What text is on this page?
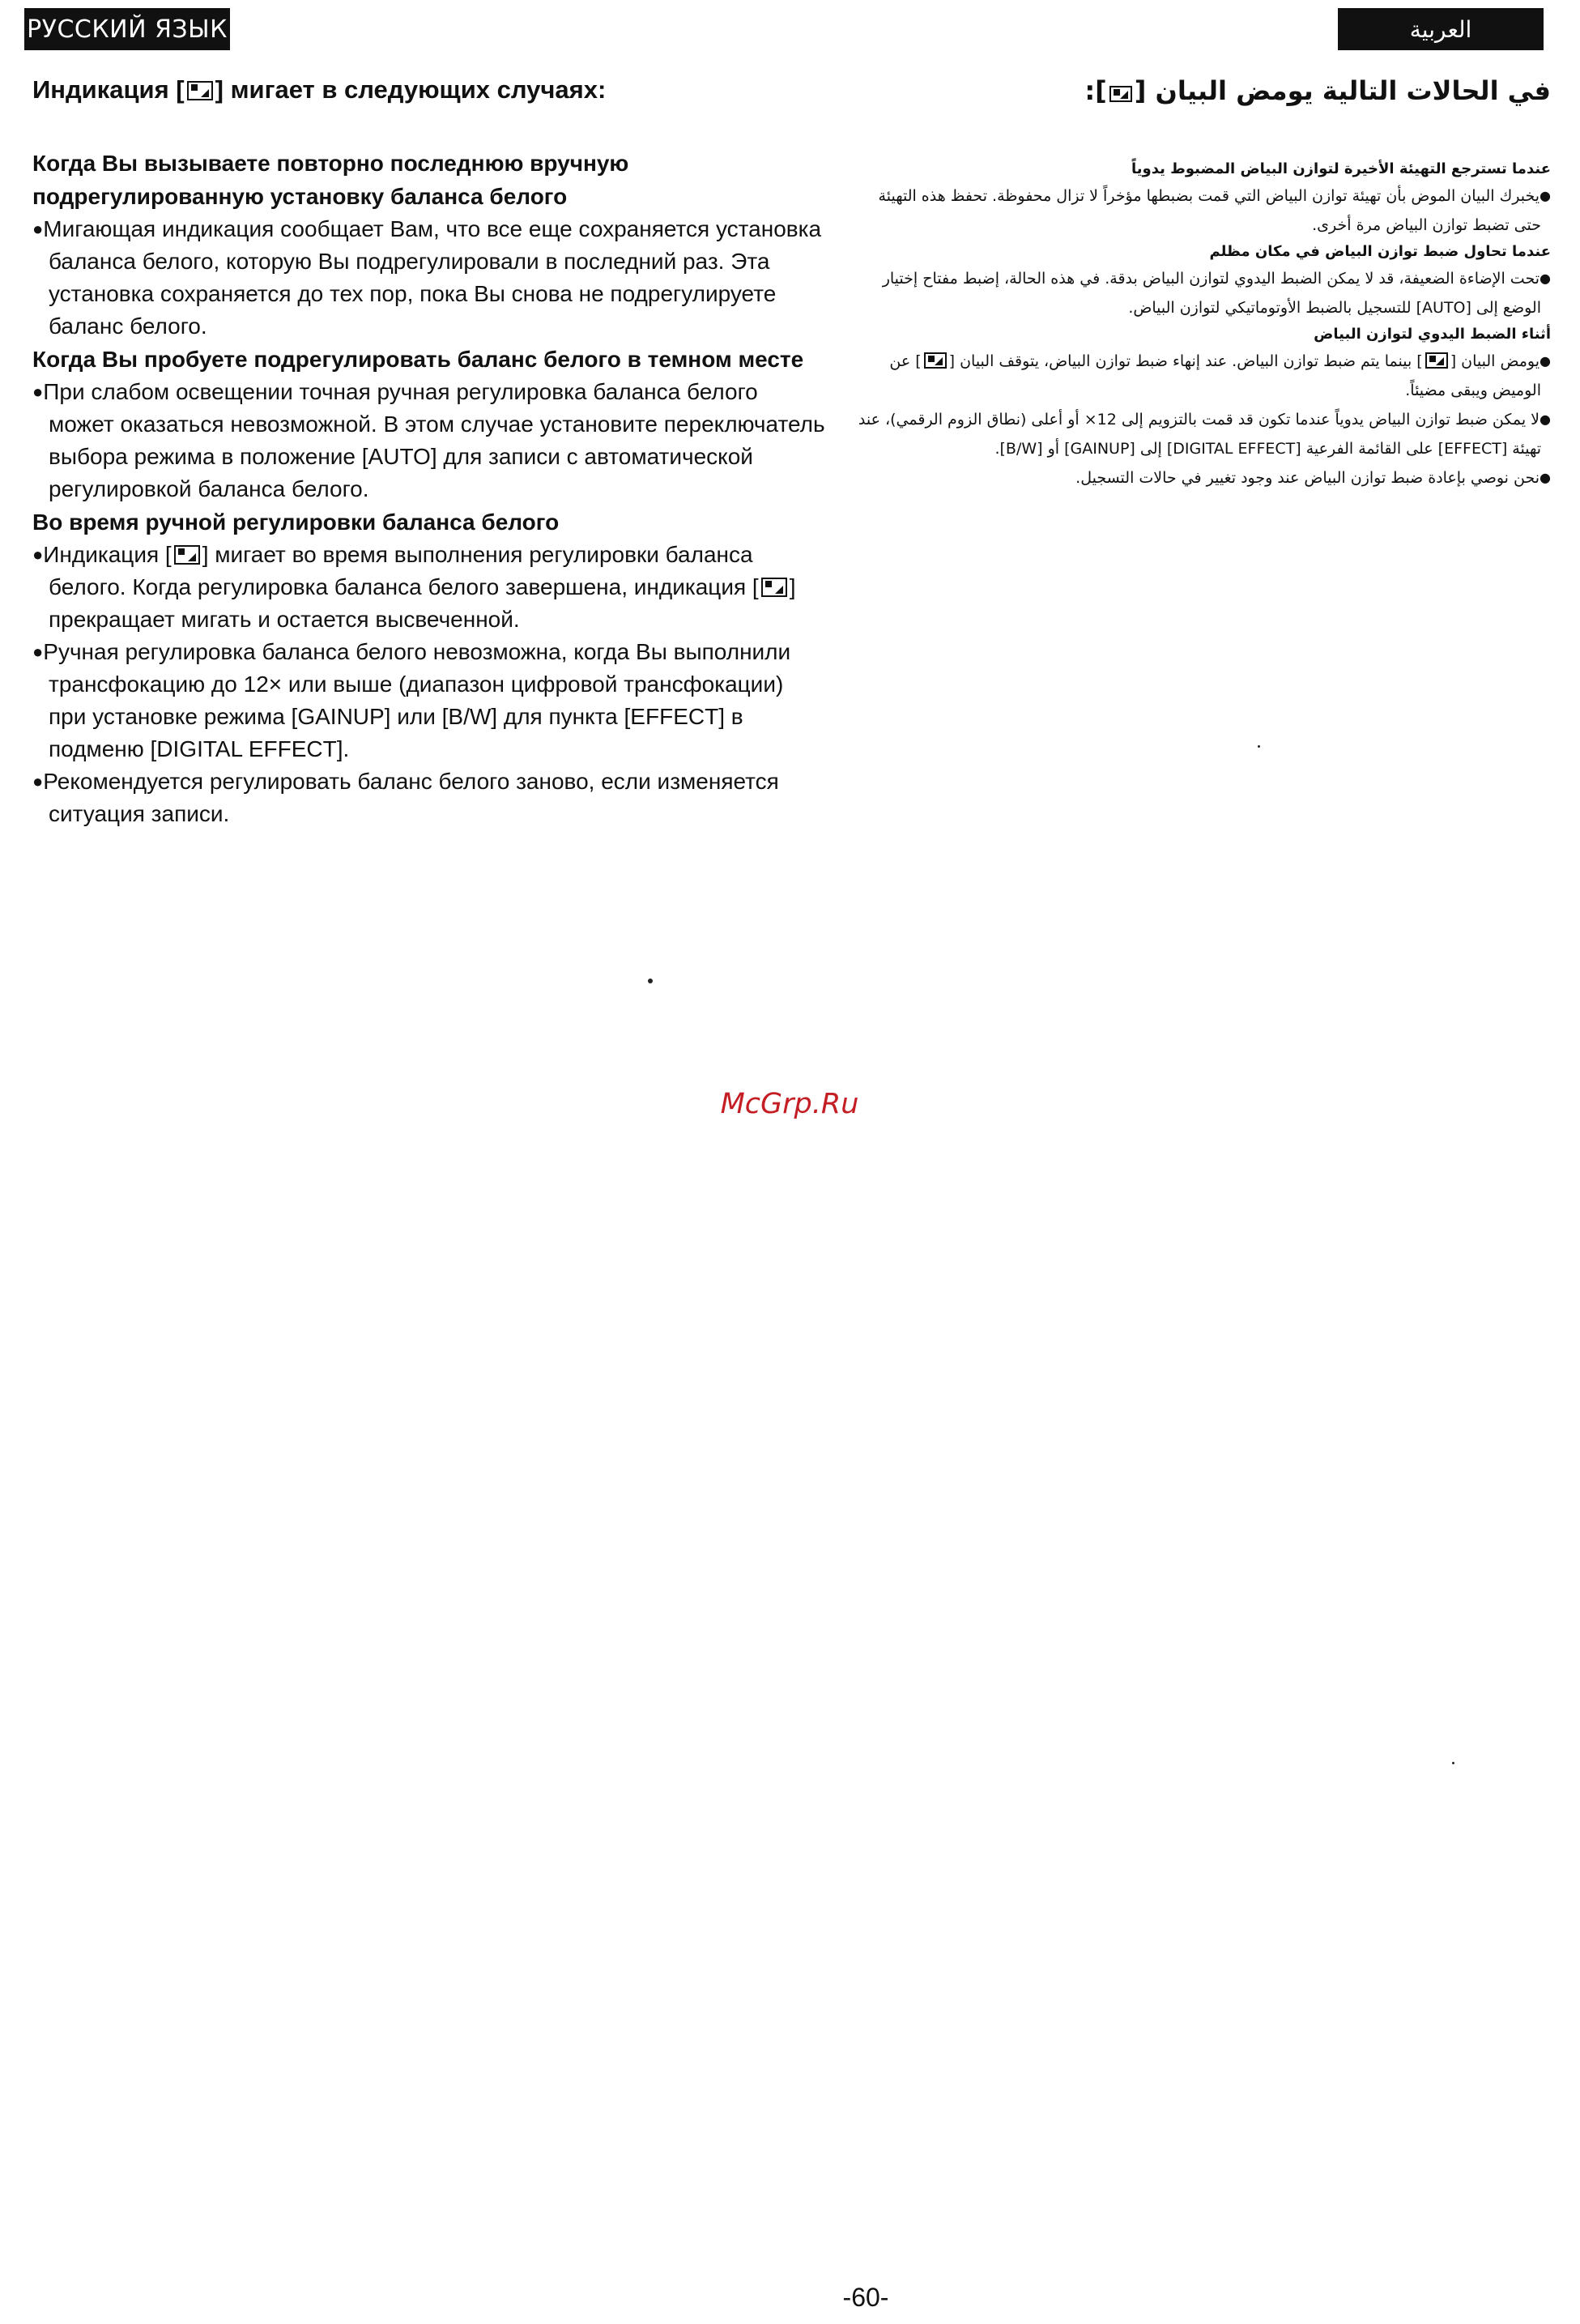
РУССКИЙ ЯЗЫК	العربية
Индикация [ ] мигает в следующих случаях:

Когда Вы вызываете повторно последнюю вручную подрегулированную установку баланса белого

●Мигающая индикация сообщает Вам, что все еще сохраняется установка баланса белого, которую Вы подрегулировали в последний раз. Эта установка сохраняется до тех пор, пока Вы снова не подрегулируете баланс белого.

Когда Вы пробуете подрегулировать баланс белого в темном месте

●При слабом освещении точная ручная регулировка баланса белого может оказаться невозможной. В этом случае установите переключатель выбора режима в положение [AUTO] для записи с автоматической регулировкой баланса белого.

Во время ручной регулировки баланса белого

●Индикация [ ] мигает во время выполнения регулировки баланса белого. Когда регулировка баланса белого завершена, индикация [ ] прекращает мигать и остается высвеченной.

●Ручная регулировка баланса белого невозможна, когда Вы выполнили трансфокацию до 12× или выше (диапазон цифровой трансфокации) при установке режима [GAINUP] или [B/W] для пункта [EFFECT] в подменю [DIGITAL EFFECT].

●Рекомендуется регулировать баланс белого заново, если изменяется ситуация записи.

في الحالات التالية يومض البيان []:

عندما تسترجع التهيئة الأخيرة لتوازن البياض المضبوط يدوياً

●يخبرك البيان الموض بأن تهيئة توازن البياض التي قمت بضبطها مؤخراً لا تزال محفوظة. تحفظ هذه التهيئة حتى تضبط توازن البياض مرة أخرى.

عندما تحاول ضبط توازن البياض في مكان مظلم

●تحت الإضاءة الضعيفة، قد لا يمكن الضبط اليدوي لتوازن البياض بدقة. في هذه الحالة، إضبط مفتاح إختيار الوضع إلى [AUTO] للتسجيل بالضبط الأوتوماتيكي لتوازن البياض.

أثناء الضبط اليدوي لتوازن البياض

●يومض البيان [] بينما يتم ضبط توازن البياض. عند إنهاء ضبط توازن البياض، يتوقف البيان [] عن الوميض ويبقى مضيئاً.

●لا يمكن ضبط توازن البياض يدوياً عندما تكون قد قمت بالتزويم إلى 12× أو أعلى (نطاق الزوم الرقمي)، عند تهيئة [EFFECT] على القائمة الفرعية [DIGITAL EFFECT] إلى [GAINUP] أو [B/W].

●نحن نوصي بإعادة ضبط توازن البياض عند وجود تغيير في حالات التسجيل.

McGrp.Ru
-60-
